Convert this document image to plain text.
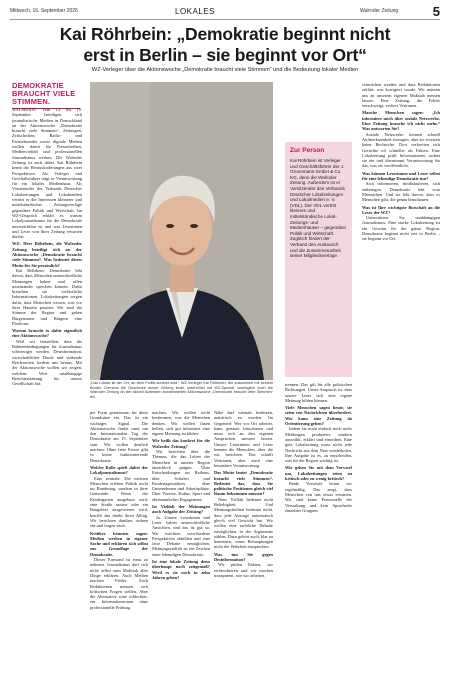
Mittwoch, 16. September 2026	LOKALES	Walroder Zeitung	5
Kai Röhrbein: „Demokratie beginnt nicht
erst in Berlin – sie beginnt vor Ort“
WZ-Verleger über die Aktionswoche „Demokratie braucht viele Stimmen“ und die Bedeutung lokaler Medien
DEMOKRATIE
BRAUCHT VIELE
STIMMEN.

WALSRODE. Vom 14. bis 19. September beteiligen sich journalistische Medien in Deutschland an der Aktionswoche „Demokratie braucht viele Stimmen“. Zeitungen, Zeitschriften, Radio- und Fernsehsender sowie digitale Medien wollen damit für Pressefreiheit, Medienvielfalt und professionellen Journalismus werben. Die Walroder Zeitung ist auch dabei. Kai Röhrbein kennt die Herausforderungen aus zwei Perspektiven. Als Verleger und Geschäftsführer trägt er Verantwortung für ein lokales Medienhaus. Als Vorsitzender des Verbands Deutscher Lokalzeitungen und Lokalmedien vertritt er die Interessen kleinerer und mittelständischer Zeitungsverlage gegenüber Politik und Wirtschaft. Im WZ-Gespräch erklärt er, warum Lokaljournalismus für die Demokratie unverzichtbar ist und was Leserinnen und Leser von ihrer Zeitung erwarten dürfen.

WZ: Herr Röhrbein, die Walroder Zeitung beteiligt sich an der Aktionswoche „Demokratie braucht viele Stimmen“. Was bedeutet dieses Motto für Sie persönlich?

Kai Röhrbein: Demokratie lebt davon, dass Menschen unterschiedliche Meinungen haben und offen miteinander sprechen können. Dafür brauchen sie verlässliche Informationen. Lokalzeitungen sorgen dafür, dass Menschen wissen, was vor ihrer Haustür passiert. Wir sind die Stimme der Region und geben Bürgerinnen und Bürgern eine Plattform.

Warum braucht es dafür eigentlich eine Aktionswoche?

Weil wir feststellen, dass die Rahmenbedingungen für Journalismus schwieriger werden. Desinformation, wirtschaftlicher Druck und sinkende Reichweiten fordern uns heraus. Mit der Aktionswoche wollen wir zeigen, welchen Wert unabhängige Berichterstattung für unsere Gesellschaft hat.	„Das Lokale ist der Ort, an dem Politik konkret wird“: WZ-Verleger Kai Röhrbein, der zusammen mit seinem Bruder Clemens die Geschicke dieser Zeitung lenkt, unterstützt mit WZ-Spezial, womöglich auch die Walroder Zeitung an der aktuell laufenden bundesweiten Aktionswoche „Demokratie braucht viele Stimmen“ teil.

per Form gemeinsam für diese Grundsätze ein. Das ist ein wichtiges Signal. Die Aktionswoche findet rund um den Internationalen Tag der Demokratie am 15. September statt. Wir wollen deutlich machen: Ohne freie Presse gibt es keine funktionierende Demokratie.

Welche Rolle spielt dabei der Lokaljournalismus?

Eine zentrale. Die meisten Menschen erleben Politik nicht im Bundestag, sondern in ihrer Gemeinde. Wenn der Kindergarten ausgebaut wird, eine Straße saniert oder ein Baugebiet ausgewiesen wird, betrifft das direkt ihren Alltag. Wir berichten darüber, ordnen ein und fragen nach.

Kritiker könnten sagen: Medien werben in eigener Sache und erklären sich selbst zur Grundlage der Demokratie.

Dieser Einwand ist ernst zu nehmen. Journalismus darf sich nicht selbst zum Maßstab aller Dinge erklären. Auch Medien machen Fehler. Auch Redaktionen müssen sich kritischen Fragen stellen. Aber die Alternative wäre schlechter: ein Informationsraum ohne professionelle Prüfung.

machen. Wir wollen nicht bestimmen, was die Menschen denken. Wir wollen ihnen helfen, sich gut informiert eine eigene Meinung zu bilden.

Wie heißt das konkret für die Walroder Zeitung?

Wir berichten über die Themen, die das Leben der Menschen in unserer Region tatsächlich prägen. Über Entscheidungen im Rathaus, über Schulen und Kindertagesstätten, über Unternehmen und Arbeitsplätze. Über Vereine, Kultur, Sport und ehrenamtliches Engagement.

Ist Vielfalt der Meinungen auch Aufgabe der Zeitung?

Ja. Unsere Leserinnen und Leser haben unterschiedliche Ansichten, und das ist gut so. Wir möchten verschiedene Perspektiven abbilden und eine faire Debatte ermöglichen. Meinungsvielfalt ist ein Zeichen einer lebendigen Demokratie.

Ist eine lokale Zeitung denn überhaupt noch zeitgemäß? Wird es sie noch in zehn Jahren geben?

Nähe darf niemals bedeuten, unkritisch zu werden. Im Gegenteil: Wer vor Ort arbeitet, kann genauer hinschauen und muss sich an den eigenen Ansprüchen messen lassen. Unsere Leserinnen und Leser kennen die Menschen, über die wir berichten. Das schafft Vertrauen, aber auch eine besondere Verantwortung.

Das Motto lautet „Demokratie braucht viele Stimmen“. Bedeutet das, dass Sie politische Positionen gleich viel Raum bekommen müssen?

Nein. Vielfalt bedeutet nicht Beliebigkeit. Und Meinungsfreiheit bedeutet nicht, dass jede Aussage automatisch gleich viel Gewicht hat. Wir wollen eine sachliche Debatte ermöglichen, in der Argumente zählen. Dazu gehört auch, klar zu benennen, wenn Behauptungen nicht der Wahrheit entsprechen.

Was tun Sie gegen Desinformation?

Wir prüfen Fakten, wir recherchieren und wir machen transparent, wie wir arbeiten.

Zur Person
Kai Röhrbein ist Verleger und Geschäftsführer der J. Gronemann GmbH & Co. KG, denn die Walroder Zeitung. Außerdem ist er Vorsitzender des Verbands Deutscher Lokalzeitungen und Lokalmedien e. V. (VDL). Der VDL vertritt kleinere und mittelständische Lokal-Zeitungs- und Medienhäuser – gegenüber Politik und Wirtschaft. Zugleich fördert der Verband den Austausch und die Zusammenarbeit seiner Mitgliedsverlage.

trennen. Das gilt für alle politischen Richtungen. Unser Anspruch ist, dass unsere Leser sich eine eigene Meinung bilden können.

Viele Menschen sagen heute, sie seien von Nachrichten überfordert. Wie kann eine Zeitung da Orientierung geben?

Indem sie nicht einfach noch mehr Meldungen produziert, sondern auswählt, erklärt und einordnet. Eine gute Lokalzeitung muss nicht jede Nachricht aus dem Netz wiederholen. Ihre Aufgabe ist es, zu entscheiden, was für die Region wichtig ist.

Wie gehen Sie mit dem Vorwurf um, Lokalzeitungen seien zu kritisch oder zu wenig kritisch?

Beide Vorwürfe hören wir regelmäßig. Das zeigt, dass Menschen von uns etwas erwarten. Wir sind keine Pressestelle der Verwaltung und kein Sprachrohr einzelner Gruppen.

schwächen werden und dass Redaktionen erklärt, was korrigiert wurde. Wir müssen uns an unserem eigenen Maßstab messen lassen. Eine Zeitung, die Fehler verschweigt, verliert Vertrauen.

Manche Menschen sagen: „Ich informiere mich über soziale Netzwerke. Eine Zeitung brauche ich nicht mehr.“ Was antworten Sie?

Soziale Netzwerke können schnell Aufmerksamkeit erzeugen, aber sie ersetzen keine Recherche. Dort verbreiten sich Gerüchte oft schneller als Fakten. Eine Lokalzeitung prüft Informationen, ordnet sie ein und übernimmt Verantwortung für das, was sie veröffentlicht.

Was können Leserinnen und Leser selbst für eine lebendige Demokratie tun?

Sich informieren, mitdiskutieren, sich einbringen. Demokratie lebt vom Mitmachen. Und sie lebt davon, dass es Menschen gibt, die genau hinschauen.

Was ist Ihre wichtigste Botschaft an die Leser der WZ?

Unterstützen Sie unabhängigen Journalismus. Eine starke Lokalzeitung ist ein Gewinn für die ganze Region. Demokratie beginnt nicht erst in Berlin – sie beginnt vor Ort.
